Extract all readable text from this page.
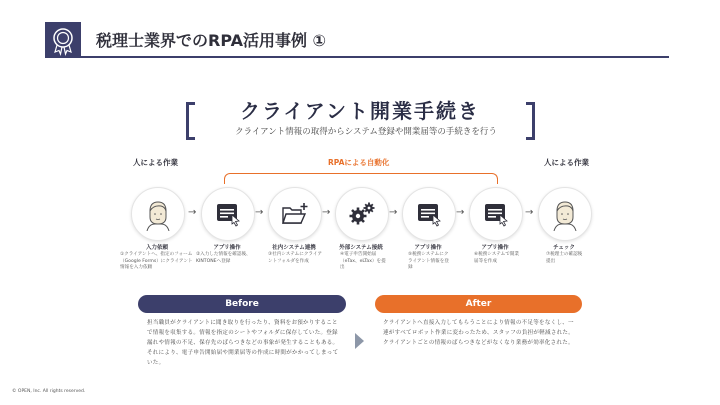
税理士業界でのRPA活用事例 ①
クライアント開業手続き
クライアント情報の取得からシステム登録や開業届等の手続きを行う
人による作業	RPAによる自動化	人による作業
→	→	→	→	→	→
入力依頼
①クライアントへ、指定のフォーム（Google Forms）にクライアント情報を入力依頼
アプリ操作
②入力した情報を確認後、KINTONEへ登録
社内システム連携
③社内システムにクライアントフォルダを作成
外部システム接続
④電子申告開始届（eTax、eLTax）を提出
アプリ操作
⑤税務システムにクライアント情報を登録
アプリ操作
⑥税務システムで開業届等を作成
チェック
⑦税理士の確認後提出
Before	After
担当職員がクライアントに聞き取りを行ったり、資料をお預かりすることで情報を収集する。情報を指定のシートやフォルダに保存していた。登録漏れや情報の不足、保存先のばらつきなどの事象が発生することもある。それにより、電子申告開始届や開業届等の作成に時間がかかってしまっていた。
クライアントへ直接入力してもらうことにより情報の不足等をなくし、一連がすべてロボット作業に変わったため、スタッフの負担が軽減された。クライアントごとの情報のばらつきなどがなくなり業務が効率化された。
© OPEN, Inc. All rights reserved.
